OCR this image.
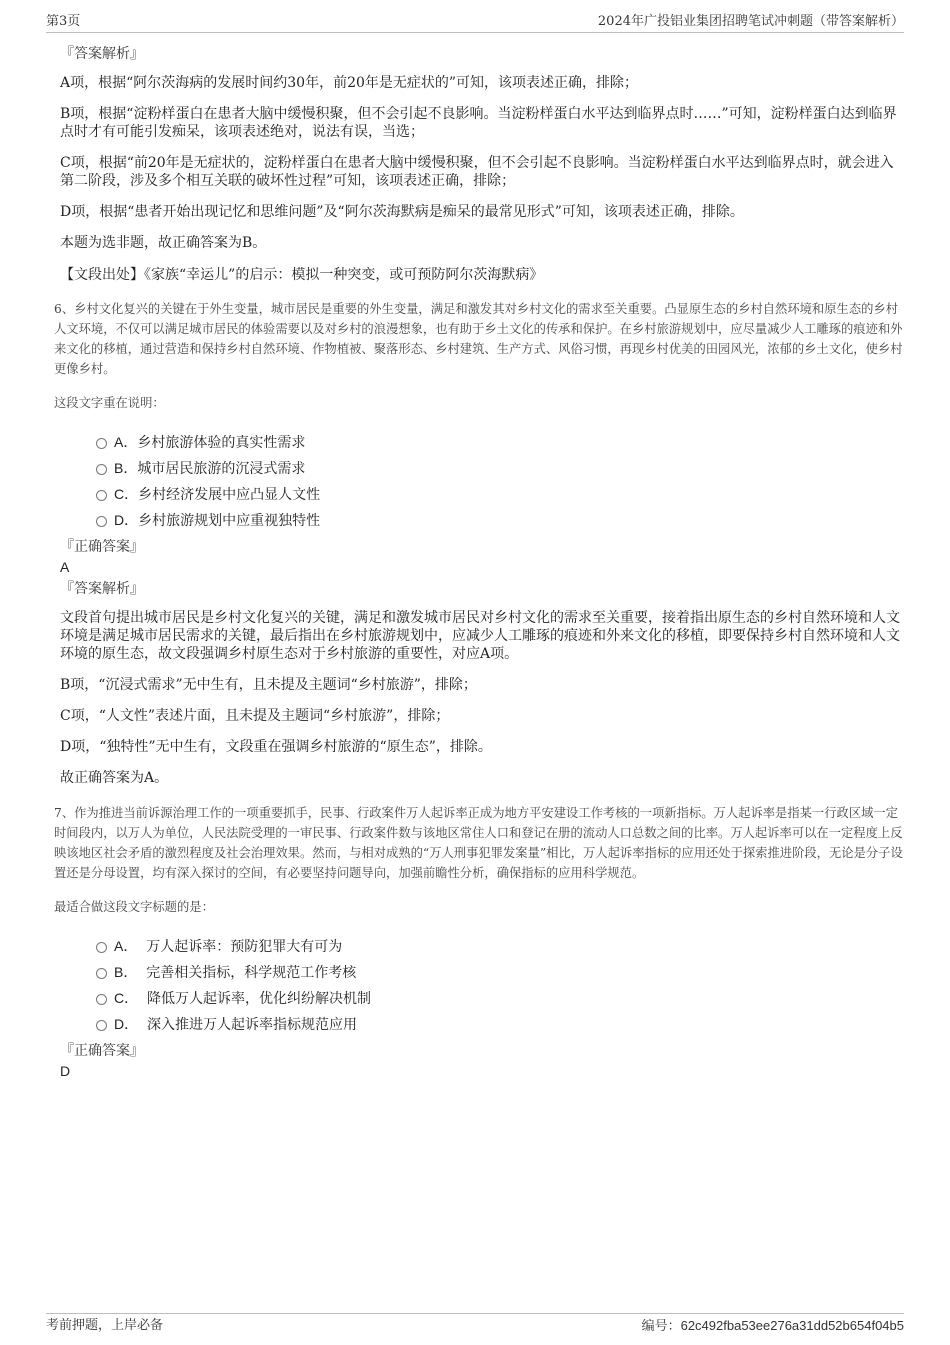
第3页	2024年广投铝业集团招聘笔试冲刺题（带答案解析）
『答案解析』
A项，根据“阿尔茨海病的发展时间约30年，前20年是无症状的”可知，该项表述正确，排除；
B项，根据“淀粉样蛋白在患者大脑中缓慢积聚，但不会引起不良影响。当淀粉样蛋白水平达到临界点时……”可知，淀粉样蛋白达到临界点时才有可能引发痴呆，该项表述绝对，说法有误，当选；
C项，根据“前20年是无症状的，淀粉样蛋白在患者大脑中缓慢积聚，但不会引起不良影响。当淀粉样蛋白水平达到临界点时，就会进入第二阶段，涉及多个相互关联的破坏性过程”可知，该项表述正确，排除；
D项，根据“患者开始出现记忆和思维问题”及“阿尔茨海默病是痴呆的最常见形式”可知，该项表述正确，排除。
本题为选非题，故正确答案为B。
【文段出处】《家族“幸运儿”的启示：模拟一种突变，或可预防阿尔茨海默病》
6、乡村文化复兴的关键在于外生变量，城市居民是重要的外生变量，满足和激发其对乡村文化的需求至关重要。凸显原生态的乡村自然环境和原生态的乡村人文环境，不仅可以满足城市居民的体验需要以及对乡村的浪漫想象，也有助于乡土文化的传承和保护。在乡村旅游规划中，应尽量减少人工雕琢的痕迹和外来文化的移植，通过营造和保持乡村自然环境、作物植被、聚落形态、乡村建筑、生产方式、风俗习惯，再现乡村优美的田园风光，浓郁的乡土文化，使乡村更像乡村。
这段文字重在说明：
A．乡村旅游体验的真实性需求
B．城市居民旅游的沉浸式需求
C．乡村经济发展中应凸显人文性
D．乡村旅游规划中应重视独特性
『正确答案』
A
『答案解析』
文段首句提出城市居民是乡村文化复兴的关键，满足和激发城市居民对乡村文化的需求至关重要，接着指出原生态的乡村自然环境和人文环境是满足城市居民需求的关键，最后指出在乡村旅游规划中，应减少人工雕琢的痕迹和外来文化的移植，即要保持乡村自然环境和人文环境的原生态，故文段强调乡村原生态对于乡村旅游的重要性，对应A项。
B项，“沉浸式需求”无中生有，且未提及主题词“乡村旅游”，排除；
C项，“人文性”表述片面，且未提及主题词“乡村旅游”，排除；
D项，“独特性”无中生有，文段重在强调乡村旅游的“原生态”，排除。
故正确答案为A。
7、作为推进当前诉源治理工作的一项重要抓手，民事、行政案件万人起诉率正成为地方平安建设工作考核的一项新指标。万人起诉率是指某一行政区域一定时间段内，以万人为单位，人民法院受理的一审民事、行政案件数与该地区常住人口和登记在册的流动人口总数之间的比率。万人起诉率可以在一定程度上反映该地区社会矛盾的激烈程度及社会治理效果。然而，与相对成熟的“万人刑事犯罪发案量”相比，万人起诉率指标的应用还处于探索推进阶段，无论是分子设置还是分母设置，均有深入探讨的空间，有必要坚持问题导向，加强前瞻性分析，确保指标的应用科学规范。
最适合做这段文字标题的是：
A． 万人起诉率：预防犯罪大有可为
B． 完善相关指标，科学规范工作考核
C． 降低万人起诉率，优化纠纷解决机制
D． 深入推进万人起诉率指标规范应用
『正确答案』
D
考前押题，上岸必备	编号：62c492fba53ee276a31dd52b654f04b5
